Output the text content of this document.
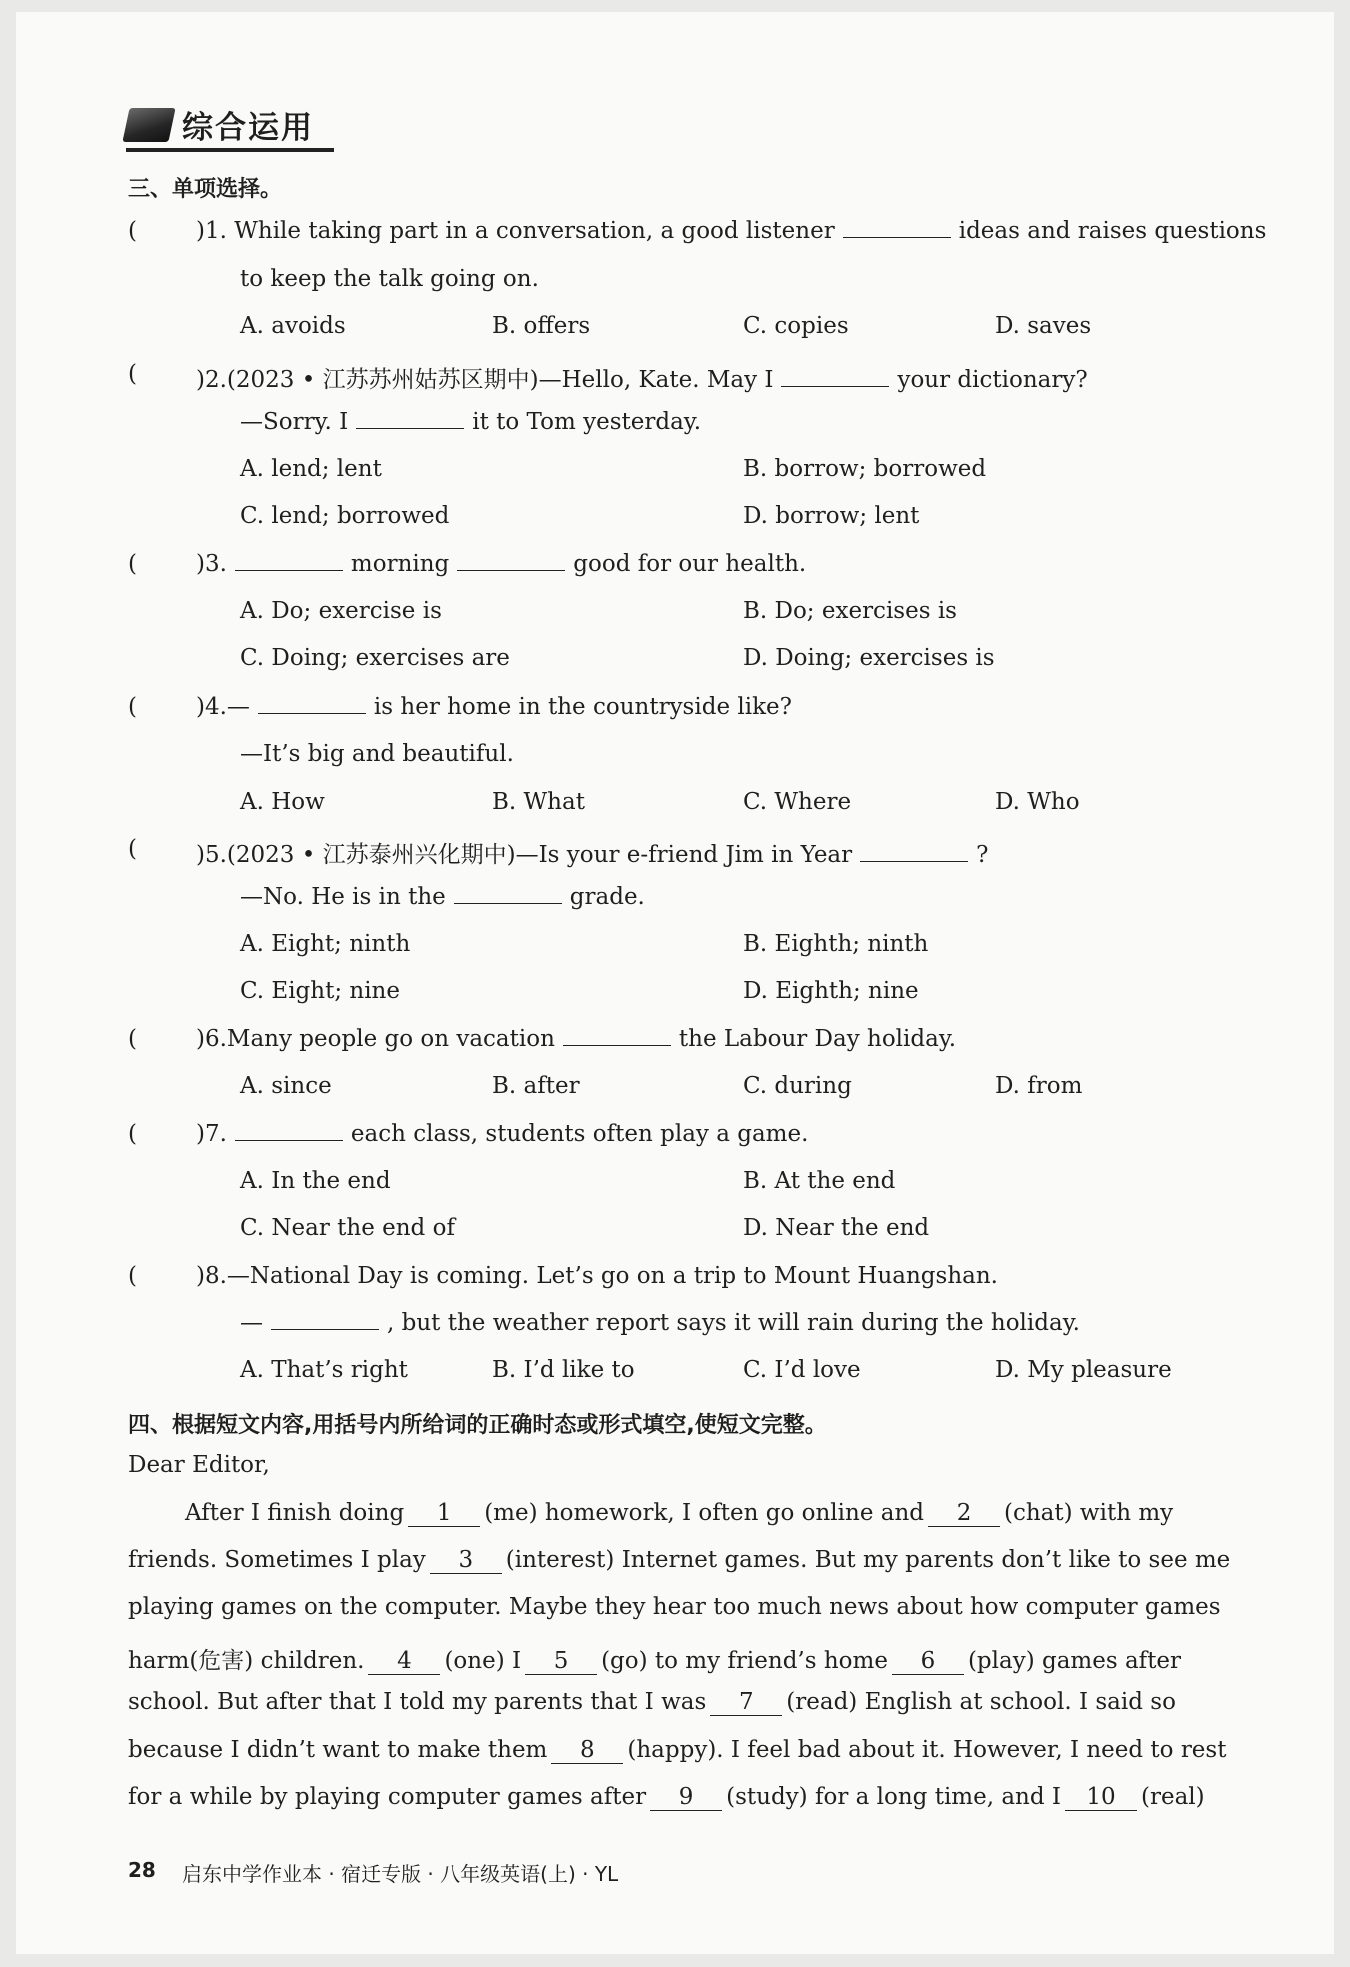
综合运用
三、单项选择。
(	)1. While taking part in a conversation, a good listener	ideas and raises questions
to keep the talk going on.
A. avoids	B. offers	C. copies	D. saves
(	)2.(2023 • 江苏苏州姑苏区期中)—Hello, Kate. May I	your dictionary?
—Sorry. I	it to Tom yesterday.
A. lend; lent	B. borrow; borrowed
C. lend; borrowed	D. borrow; lent
(	)3.	morning	good for our health.
A. Do; exercise is	B. Do; exercises is
C. Doing; exercises are	D. Doing; exercises is
(	)4.—	is her home in the countryside like?
—It’s big and beautiful.
A. How	B. What	C. Where	D. Who
(	)5.(2023 • 江苏泰州兴化期中)—Is your e-friend Jim in Year	?
—No. He is in the	grade.
A. Eight; ninth	B. Eighth; ninth
C. Eight; nine	D. Eighth; nine
(	)6.Many people go on vacation	the Labour Day holiday.
A. since	B. after	C. during	D. from
(	)7.	each class, students often play a game.
A. In the end	B. At the end
C. Near the end of	D. Near the end
(	)8.—National Day is coming. Let’s go on a trip to Mount Huangshan.
—	, but the weather report says it will rain during the holiday.
A. That’s right	B. I’d like to	C. I’d love	D. My pleasure
四、根据短文内容,用括号内所给词的正确时态或形式填空,使短文完整。
Dear Editor,
After I finish doing 1 (me) homework, I often go online and 2 (chat) with my
friends. Sometimes I play 3 (interest) Internet games. But my parents don’t like to see me
playing games on the computer. Maybe they hear too much news about how computer games
harm(危害) children. 4 (one) I 5 (go) to my friend’s home 6 (play) games after
school. But after that I told my parents that I was 7 (read) English at school. I said so
because I didn’t want to make them 8 (happy). I feel bad about it. However, I need to rest
for a while by playing computer games after 9 (study) for a long time, and I 10 (real)
28 启东中学作业本 · 宿迁专版 · 八年级英语(上) · YL
